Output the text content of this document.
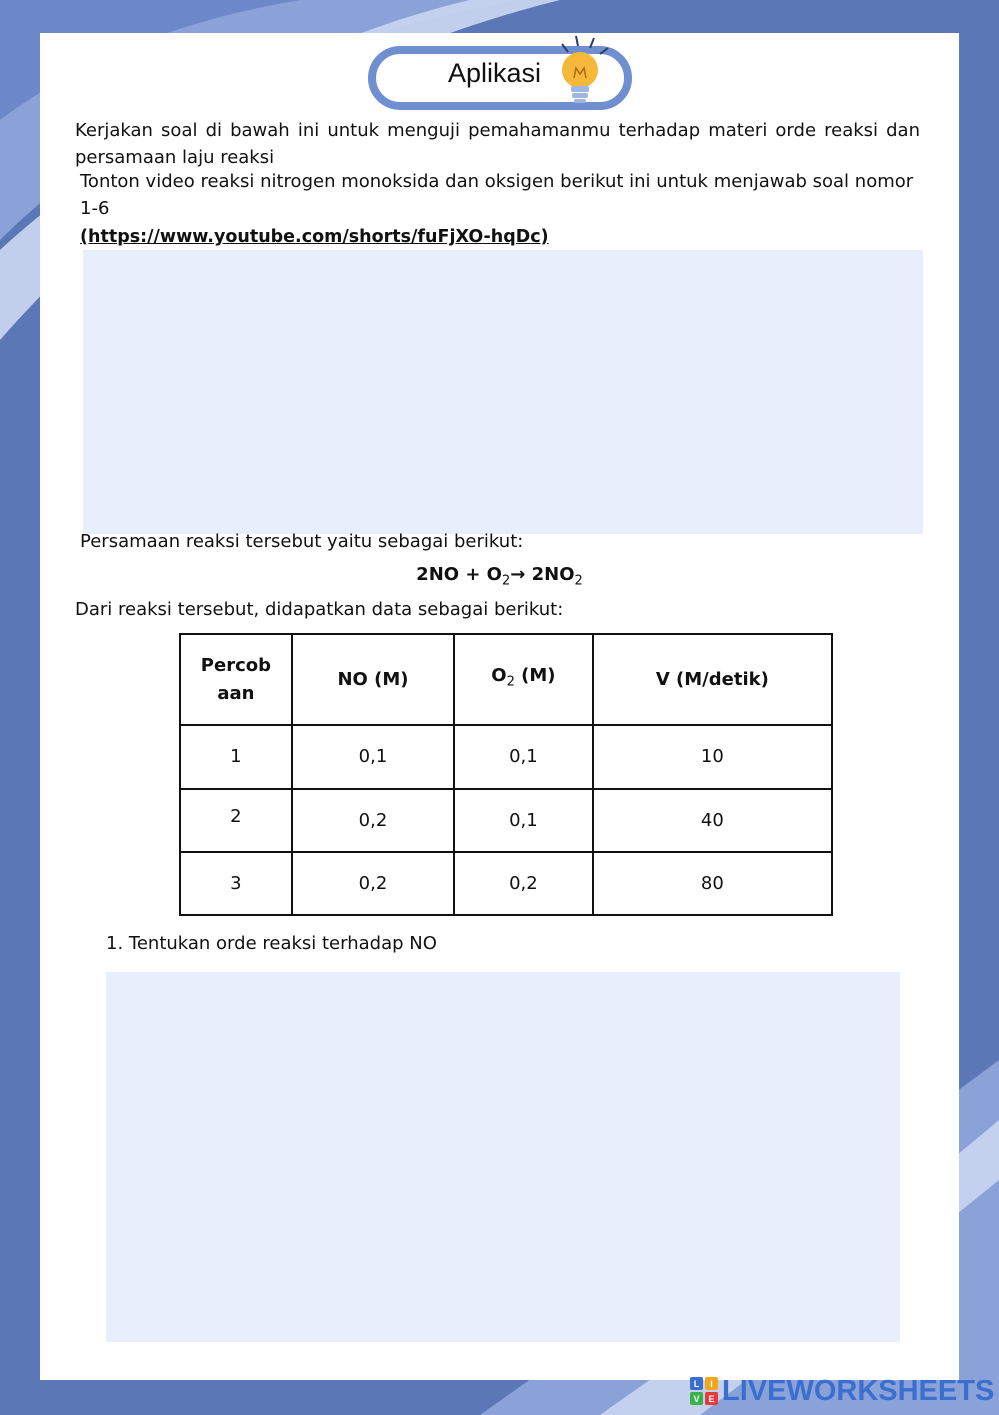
Aplikasi
Kerjakan soal di bawah ini untuk menguji pemahamanmu terhadap materi orde reaksi dan persamaan laju reaksi
Tonton video reaksi nitrogen monoksida dan oksigen berikut ini untuk menjawab soal nomor 1-6
(https://www.youtube.com/shorts/fuFjXO-hqDc)
Persamaan reaksi tersebut yaitu sebagai berikut:
$2NO + O_2\to 2NO_2$
Dari reaksi tersebut, didapatkan data sebagai berikut:
Percob
aan	NO (M)	$O_2$ (M)	V (M/detik)
1	0,1	0,1	10
2	0,2	0,1	40
3	0,2	0,2	80
1. Tentukan orde reaksi terhadap NO
L I
V E LIVEWORKSHEETS
